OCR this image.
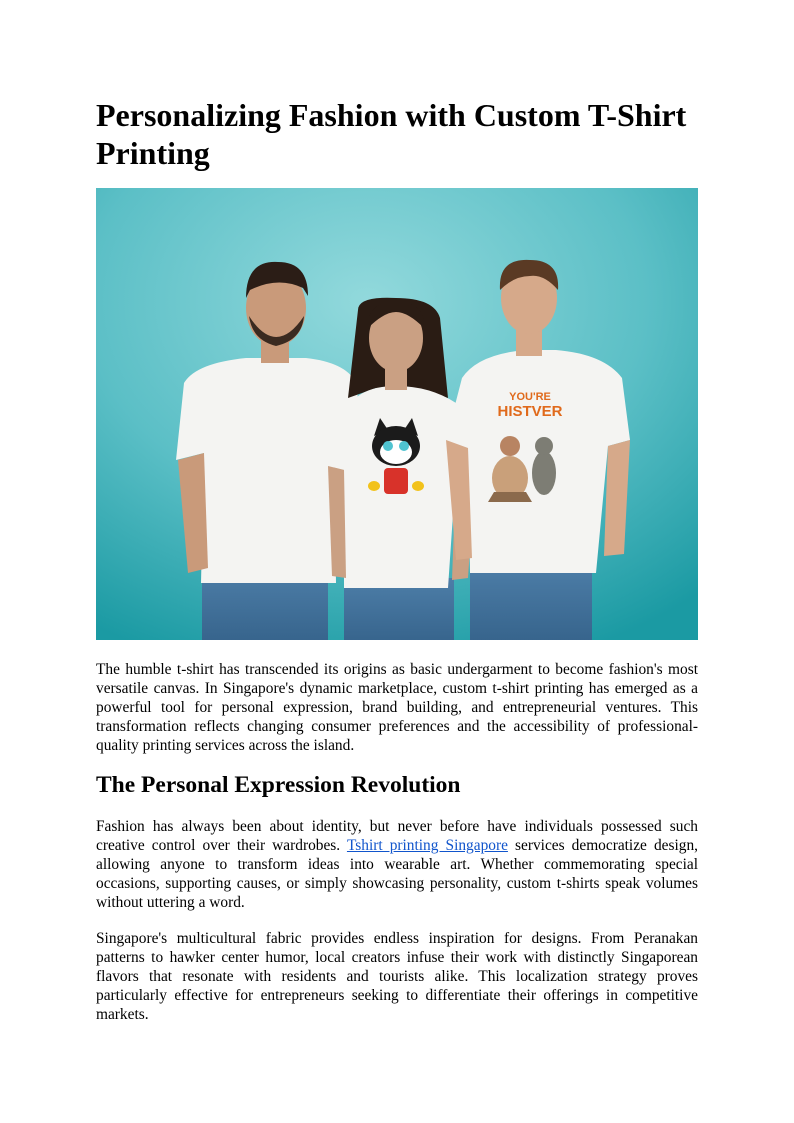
Personalizing Fashion with Custom T-Shirt Printing
YOU'RE
HISTVER

The humble t-shirt has transcended its origins as basic undergarment to become fashion's most versatile canvas. In Singapore's dynamic marketplace, custom t-shirt printing has emerged as a powerful tool for personal expression, brand building, and entrepreneurial ventures. This transformation reflects changing consumer preferences and the accessibility of professional-quality printing services across the island.

The Personal Expression Revolution

Fashion has always been about identity, but never before have individuals possessed such creative control over their wardrobes. Tshirt printing Singapore services democratize design, allowing anyone to transform ideas into wearable art. Whether commemorating special occasions, supporting causes, or simply showcasing personality, custom t-shirts speak volumes without uttering a word.

Singapore's multicultural fabric provides endless inspiration for designs. From Peranakan patterns to hawker center humor, local creators infuse their work with distinctly Singaporean flavors that resonate with residents and tourists alike. This localization strategy proves particularly effective for entrepreneurs seeking to differentiate their offerings in competitive markets.
